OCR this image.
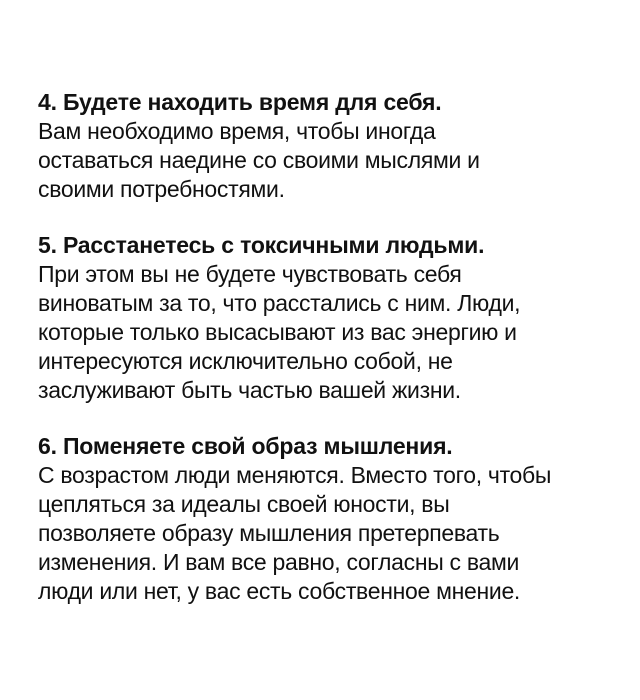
4. Будете находить время для себя.

Вам необходимо время, чтобы иногда
оставаться наедине со своими мыслями и
своими потребностями.

5. Расстанетесь с токсичными людьми.

При этом вы не будете чувствовать себя
виноватым за то, что расстались с ним. Люди,
которые только высасывают из вас энергию и
интересуются исключительно собой, не
заслуживают быть частью вашей жизни.

6. Поменяете свой образ мышления.

С возрастом люди меняются. Вместо того, чтобы
цепляться за идеалы своей юности, вы
позволяете образу мышления претерпевать
изменения. И вам все равно, согласны с вами
люди или нет, у вас есть собственное мнение.
